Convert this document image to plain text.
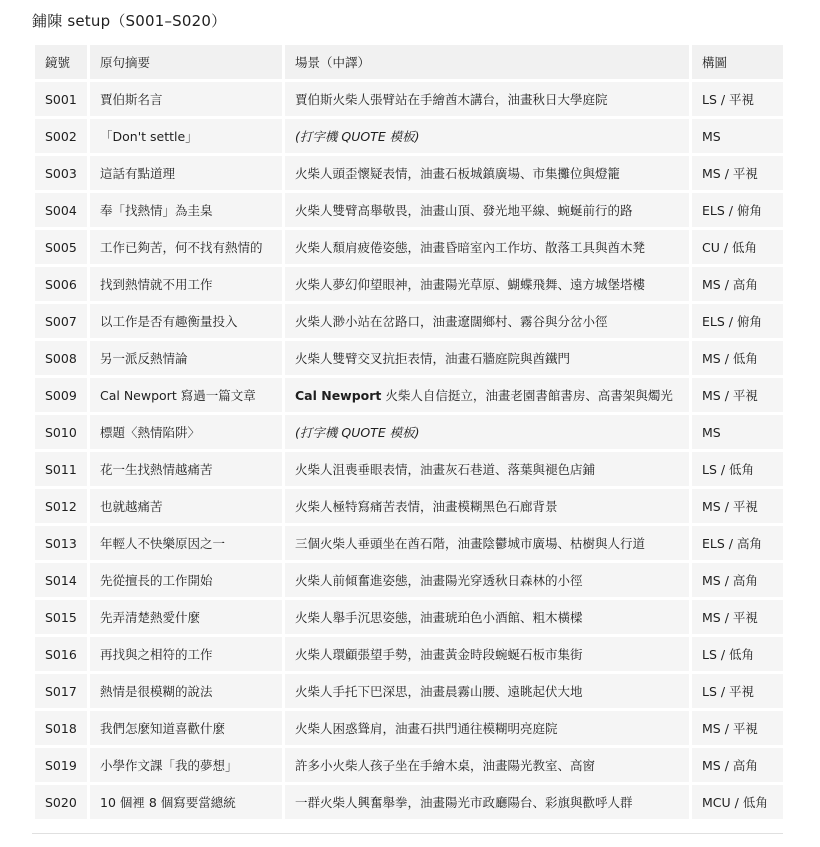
鋪陳 setup（S001–S020）
鏡號	原句摘要	場景（中譯）	構圖
S001	賈伯斯名言	賈伯斯火柴人張臂站在手繪酋木講台，油畫秋日大學庭院	LS / 平視
S002	「Don't settle」	(打字機 QUOTE 模板)	MS
S003	這話有點道理	火柴人頭歪懷疑表情，油畫石板城鎮廣場、市集攤位與燈籠	MS / 平視
S004	奉「找熱情」為圭臬	火柴人雙臂高舉敬畏，油畫山頂、發光地平線、蜿蜒前行的路	ELS / 俯角
S005	工作已夠苦，何不找有熱情的	火柴人頹肩疲倦姿態，油畫昏暗室內工作坊、散落工具與酋木凳	CU / 低角
S006	找到熱情就不用工作	火柴人夢幻仰望眼神，油畫陽光草原、蝴蝶飛舞、遠方城堡塔樓	MS / 高角
S007	以工作是否有趣衡量投入	火柴人渺小站在岔路口，油畫遼闊鄉村、霧谷與分岔小徑	ELS / 俯角
S008	另一派反熱情論	火柴人雙臂交叉抗拒表情，油畫石牆庭院與酋鐵門	MS / 低角
S009	Cal Newport 寫過一篇文章	Cal Newport 火柴人自信挺立，油畫老園書館書房、高書架與燭光	MS / 平視
S010	標題〈熱情陷阱〉	(打字機 QUOTE 模板)	MS
S011	花一生找熱情越痛苦	火柴人沮喪垂眼表情，油畫灰石巷道、落葉與褪色店鋪	LS / 低角
S012	也就越痛苦	火柴人極特寫痛苦表情，油畫模糊黑色石廊背景	MS / 平視
S013	年輕人不快樂原因之一	三個火柴人垂頭坐在酋石階，油畫陰鬱城市廣場、枯樹與人行道	ELS / 高角
S014	先從擅長的工作開始	火柴人前傾奮進姿態，油畫陽光穿透秋日森林的小徑	MS / 高角
S015	先弄清楚熱愛什麼	火柴人舉手沉思姿態，油畫琥珀色小酒館、粗木橫樑	MS / 平視
S016	再找與之相符的工作	火柴人環顧張望手勢，油畫黃金時段蜿蜒石板市集街	LS / 低角
S017	熱情是很模糊的說法	火柴人手托下巴深思，油畫晨霧山腰、遠眺起伏大地	LS / 平視
S018	我們怎麼知道喜歡什麼	火柴人困惑聳肩，油畫石拱門通往模糊明亮庭院	MS / 平視
S019	小學作文課「我的夢想」	許多小火柴人孩子坐在手繪木桌，油畫陽光教室、高窗	MS / 高角
S020	10 個裡 8 個寫要當總統	一群火柴人興奮舉拳，油畫陽光市政廳陽台、彩旗與歡呼人群	MCU / 低角
